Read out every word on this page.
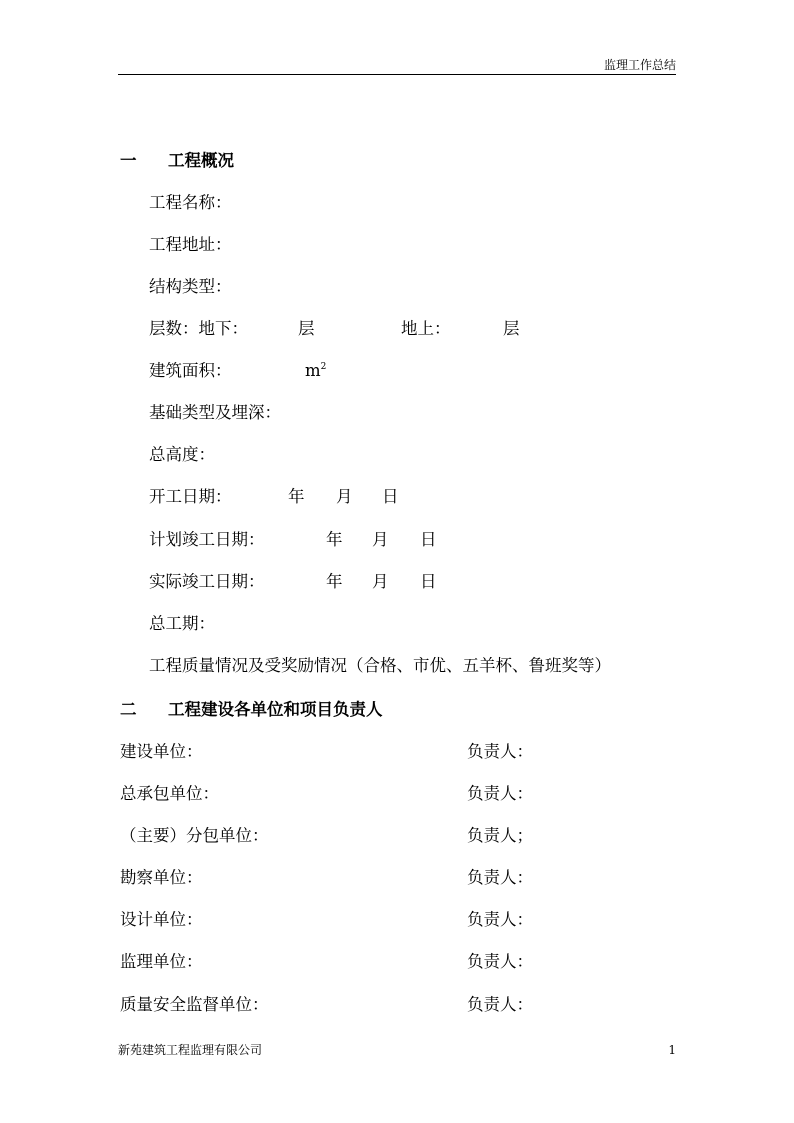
监理工作总结
一 工程概况
工程名称：
工程地址：
结构类型：
层数：地下：	层	地上：	层
建筑面积：	$m^2$
基础类型及埋深：
总高度：
开工日期：	年 月 日
计划竣工日期：	年 月 日
实际竣工日期：	年 月 日
总工期：
工程质量情况及受奖励情况（合格、市优、五羊杯、鲁班奖等）
二 工程建设各单位和项目负责人
建设单位：	负责人：
总承包单位：	负责人：
（主要）分包单位：	负责人；
勘察单位：	负责人：
设计单位：	负责人：
监理单位：	负责人：
质量安全监督单位：	负责人：
新苑建筑工程监理有限公司	1
